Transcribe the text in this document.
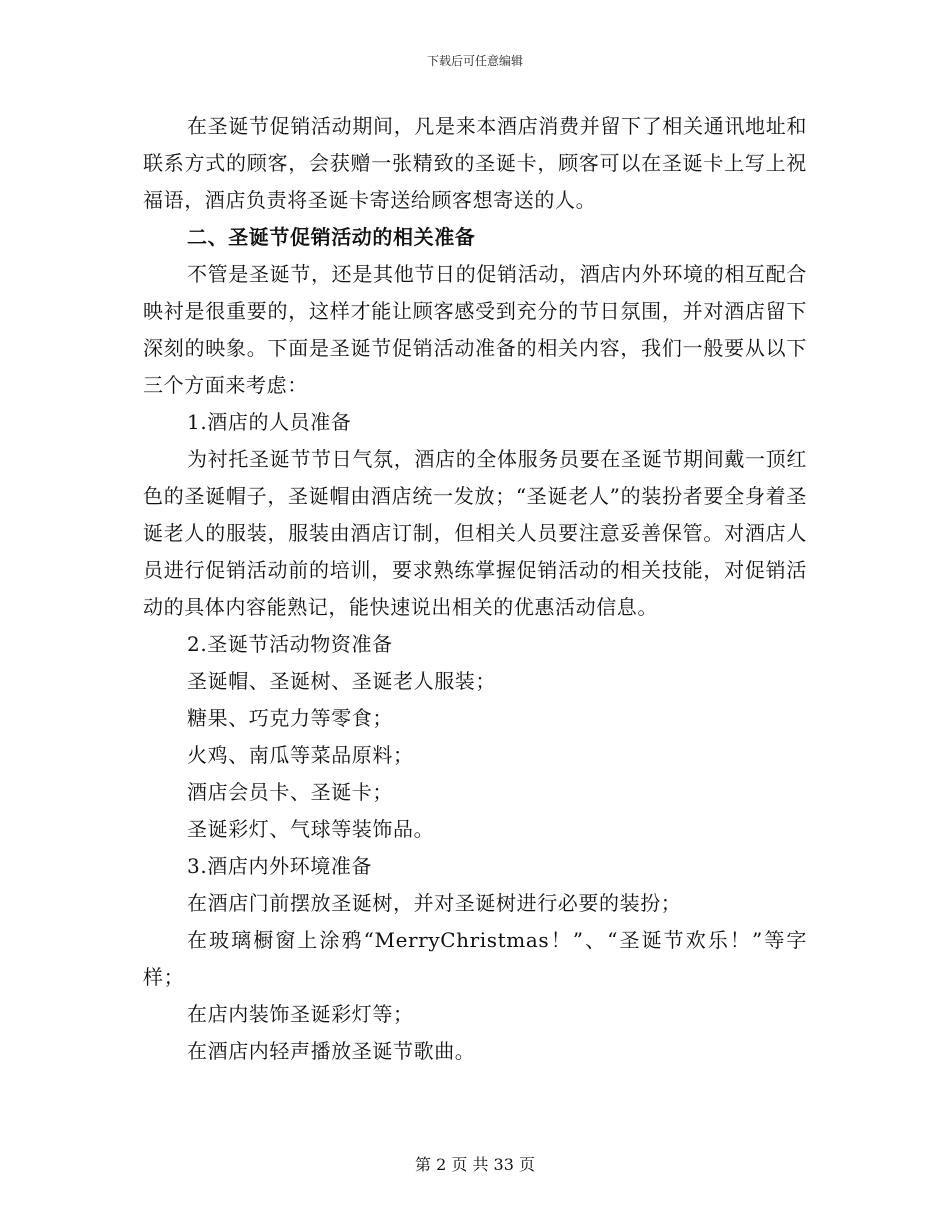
下载后可任意编辑

在圣诞节促销活动期间，凡是来本酒店消费并留下了相关通讯地址和联系方式的顾客，会获赠一张精致的圣诞卡，顾客可以在圣诞卡上写上祝福语，酒店负责将圣诞卡寄送给顾客想寄送的人。

二、圣诞节促销活动的相关准备

不管是圣诞节，还是其他节日的促销活动，酒店内外环境的相互配合映衬是很重要的，这样才能让顾客感受到充分的节日氛围，并对酒店留下深刻的映象。下面是圣诞节促销活动准备的相关内容，我们一般要从以下三个方面来考虑：

1.酒店的人员准备

为衬托圣诞节节日气氛，酒店的全体服务员要在圣诞节期间戴一顶红色的圣诞帽子，圣诞帽由酒店统一发放；“圣诞老人”的装扮者要全身着圣诞老人的服装，服装由酒店订制，但相关人员要注意妥善保管。对酒店人员进行促销活动前的培训，要求熟练掌握促销活动的相关技能，对促销活动的具体内容能熟记，能快速说出相关的优惠活动信息。

2.圣诞节活动物资准备

圣诞帽、圣诞树、圣诞老人服装；

糖果、巧克力等零食；

火鸡、南瓜等菜品原料；

酒店会员卡、圣诞卡；

圣诞彩灯、气球等装饰品。

3.酒店内外环境准备

在酒店门前摆放圣诞树，并对圣诞树进行必要的装扮；

在玻璃橱窗上涂鸦“MerryChristmas！”、“圣诞节欢乐！”等字样；

在店内装饰圣诞彩灯等；

在酒店内轻声播放圣诞节歌曲。

第 2 页 共 33 页
